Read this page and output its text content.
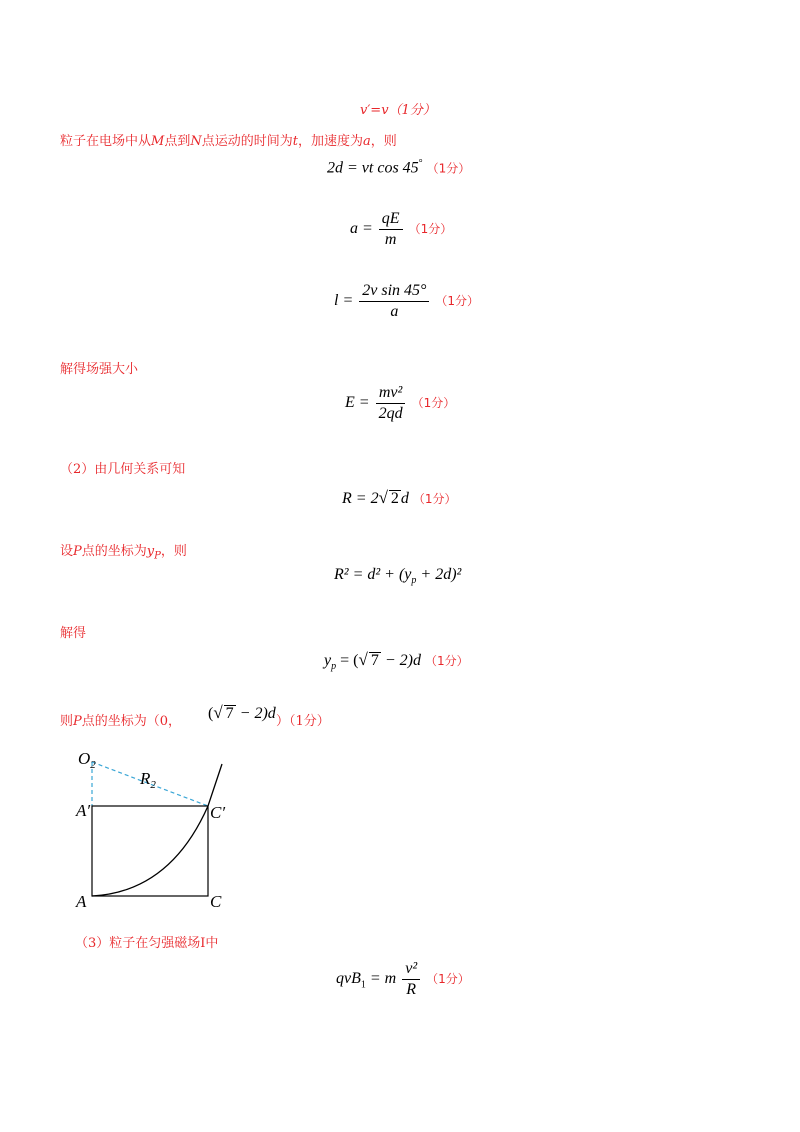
v′=v（1分）
粒子在电场中从M点到N点运动的时间为t，加速度为a，则
2d = vt cos 45° （1分）
$a = \frac{qE}{m} (1$分）
$l = \frac{\text{2v sin 45°}}{a} (1$分）
解得场强大小
$E = \frac{\text{mv²}}{2qd} (1$分）
（2）由几何关系可知
R = 2√ 2 d （1分）
设P点的坐标为$y_P$，则
$R^2 = d^2 + (y_p + 2d)^2$
解得
$y_p$ = (√ 7 − 2)d （1分）
则P点的坐标为（0， (√ 7 − 2)d ）（1分）
$O_2$
$R_2$
A′	C′
A	C
（3）粒子在匀强磁场Ⅰ中
qvB$_1$ = m $\frac{\text{v²}}{R} (1$分）
